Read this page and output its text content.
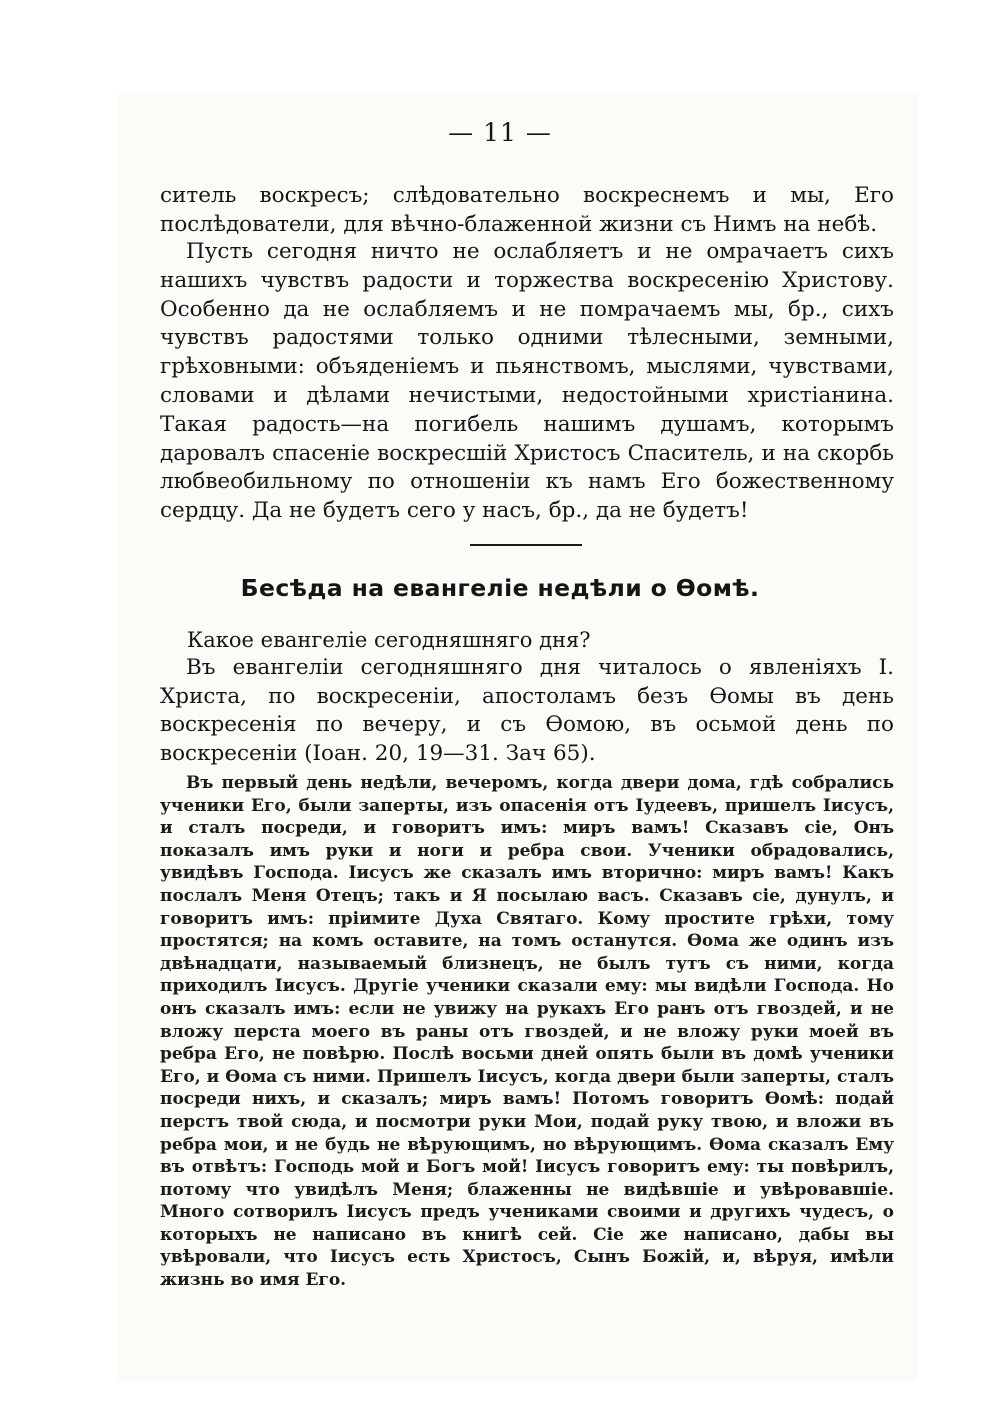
— 11 —

ситель воскресъ; слѣдовательно воскреснемъ и мы, Его послѣдователи, для вѣчно-блаженной жизни съ Нимъ на небѣ.

Пусть сегодня ничто не ослабляетъ и не омрачаетъ сихъ нашихъ чувствъ радости и торжества воскресенію Христову. Особенно да не ослабляемъ и не помрачаемъ мы, бр., сихъ чувствъ радостями только одними тѣлесными, земными, грѣховными: объяденіемъ и пьянствомъ, мыслями, чувствами, словами и дѣлами нечистыми, недостойными христіанина. Такая радость—на погибель нашимъ душамъ, которымъ даровалъ спасеніе воскресшій Христосъ Спаситель, и на скорбь любвеобильному по отношеніи къ намъ Его божественному сердцу. Да не будетъ сего у насъ, бр., да не будетъ!

Бесѣда на евангеліе недѣли о Ѳомѣ.

Какое евангеліе сегодняшняго дня?

Въ евангеліи сегодняшняго дня читалось о явленіяхъ І. Христа, по воскресеніи, апостоламъ безъ Ѳомы въ день воскресенія по вечеру, и съ Ѳомою, въ осьмой день по воскресеніи (Іоан. 20, 19—31. Зач 65).

Въ первый день недѣли, вечеромъ, когда двери дома, гдѣ собрались ученики Его, были заперты, изъ опасенія отъ Іудеевъ, пришелъ Іисусъ, и сталъ посреди, и говоритъ имъ: миръ вамъ! Сказавъ сіе, Онъ показалъ имъ руки и ноги и ребра свои. Ученики обрадовались, увидѣвъ Господа. Іисусъ же сказалъ имъ вторично: миръ вамъ! Какъ послалъ Меня Отецъ; такъ и Я посылаю васъ. Сказавъ сіе, дунулъ, и говоритъ имъ: пріимите Духа Святаго. Кому простите грѣхи, тому простятся; на комъ оставите, на томъ останутся. Ѳома же одинъ изъ двѣнадцати, называемый близнецъ, не былъ тутъ съ ними, когда приходилъ Іисусъ. Другіе ученики сказали ему: мы видѣли Господа. Но онъ сказалъ имъ: если не увижу на рукахъ Его ранъ отъ гвоздей, и не вложу перста моего въ раны отъ гвоздей, и не вложу руки моей въ ребра Его, не повѣрю. Послѣ восьми дней опять были въ домѣ ученики Его, и Ѳома съ ними. Пришелъ Іисусъ, когда двери были заперты, сталъ посреди нихъ, и сказалъ; миръ вамъ! Потомъ говоритъ Ѳомѣ: подай перстъ твой сюда, и посмотри руки Мои, подай руку твою, и вложи въ ребра мои, и не будь не вѣрующимъ, но вѣрующимъ. Ѳома сказалъ Ему въ отвѣтъ: Господь мой и Богъ мой! Іисусъ говоритъ ему: ты повѣрилъ, потому что увидѣлъ Меня; блаженны не видѣвшіе и увѣровавшіе. Много сотворилъ Іисусъ предъ учениками своими и другихъ чудесъ, о которыхъ не написано въ книгѣ сей. Сіе же написано, дабы вы увѣровали, что Іисусъ есть Христосъ, Сынъ Божій, и, вѣруя, имѣли жизнь во имя Его.
